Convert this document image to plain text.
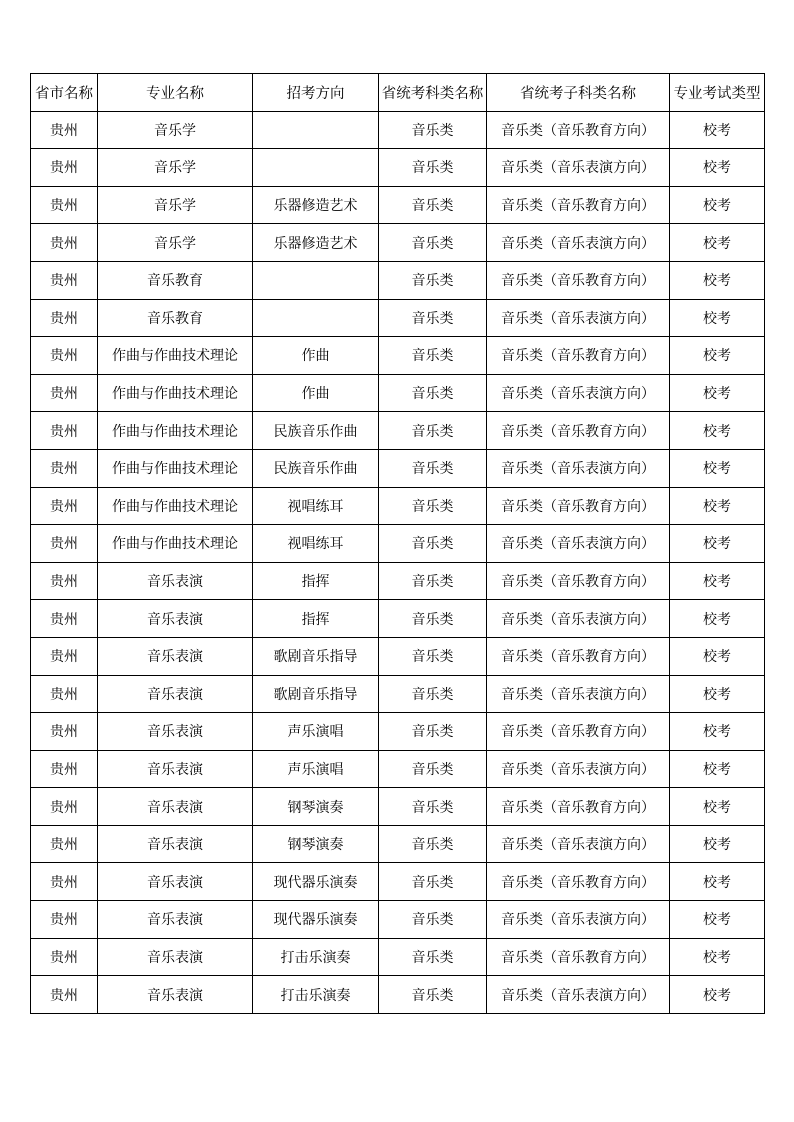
省市名称	专业名称	招考方向	省统考科类名称	省统考子科类名称	专业考试类型
贵州	音乐学		音乐类	音乐类（音乐教育方向）	校考
贵州	音乐学		音乐类	音乐类（音乐表演方向）	校考
贵州	音乐学	乐器修造艺术	音乐类	音乐类（音乐教育方向）	校考
贵州	音乐学	乐器修造艺术	音乐类	音乐类（音乐表演方向）	校考
贵州	音乐教育		音乐类	音乐类（音乐教育方向）	校考
贵州	音乐教育		音乐类	音乐类（音乐表演方向）	校考
贵州	作曲与作曲技术理论	作曲	音乐类	音乐类（音乐教育方向）	校考
贵州	作曲与作曲技术理论	作曲	音乐类	音乐类（音乐表演方向）	校考
贵州	作曲与作曲技术理论	民族音乐作曲	音乐类	音乐类（音乐教育方向）	校考
贵州	作曲与作曲技术理论	民族音乐作曲	音乐类	音乐类（音乐表演方向）	校考
贵州	作曲与作曲技术理论	视唱练耳	音乐类	音乐类（音乐教育方向）	校考
贵州	作曲与作曲技术理论	视唱练耳	音乐类	音乐类（音乐表演方向）	校考
贵州	音乐表演	指挥	音乐类	音乐类（音乐教育方向）	校考
贵州	音乐表演	指挥	音乐类	音乐类（音乐表演方向）	校考
贵州	音乐表演	歌剧音乐指导	音乐类	音乐类（音乐教育方向）	校考
贵州	音乐表演	歌剧音乐指导	音乐类	音乐类（音乐表演方向）	校考
贵州	音乐表演	声乐演唱	音乐类	音乐类（音乐教育方向）	校考
贵州	音乐表演	声乐演唱	音乐类	音乐类（音乐表演方向）	校考
贵州	音乐表演	钢琴演奏	音乐类	音乐类（音乐教育方向）	校考
贵州	音乐表演	钢琴演奏	音乐类	音乐类（音乐表演方向）	校考
贵州	音乐表演	现代器乐演奏	音乐类	音乐类（音乐教育方向）	校考
贵州	音乐表演	现代器乐演奏	音乐类	音乐类（音乐表演方向）	校考
贵州	音乐表演	打击乐演奏	音乐类	音乐类（音乐教育方向）	校考
贵州	音乐表演	打击乐演奏	音乐类	音乐类（音乐表演方向）	校考
